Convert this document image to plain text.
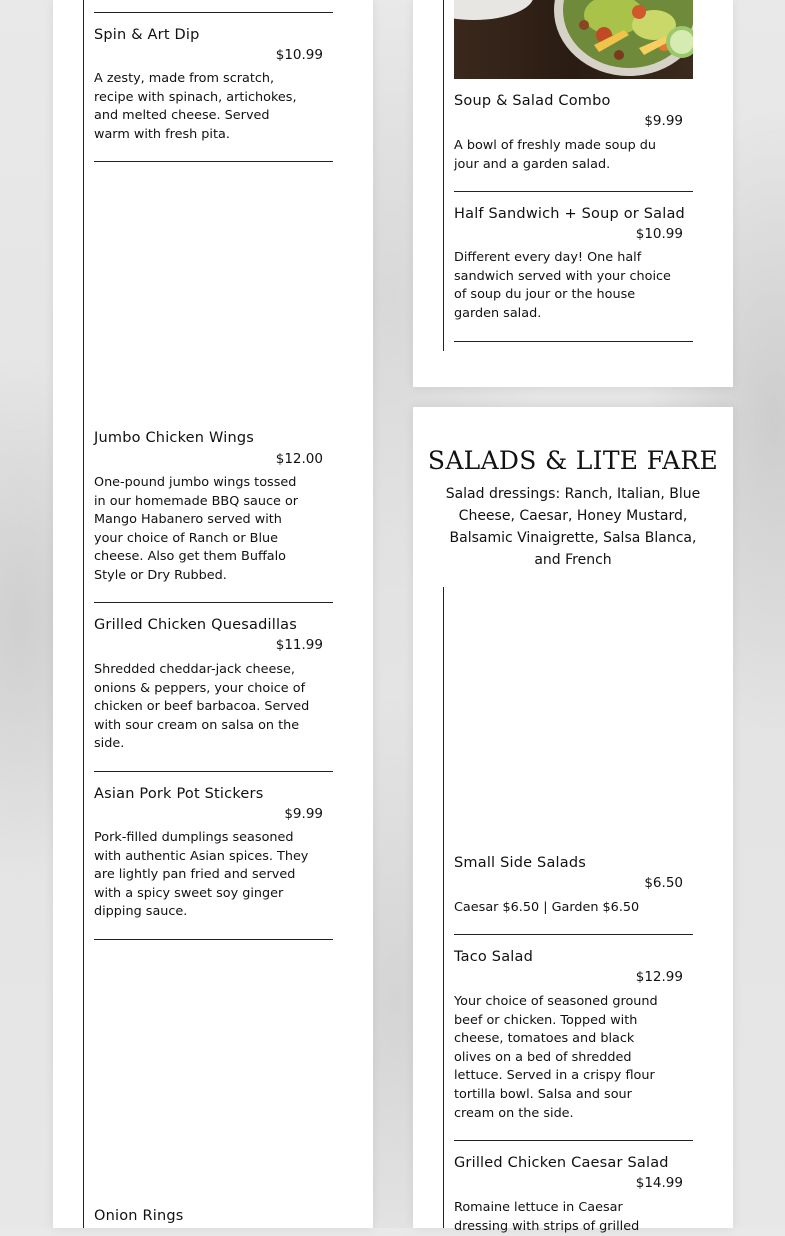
Spin & Art Dip
$10.99
A zesty, made from scratch, recipe with spinach, artichokes, and melted cheese. Served warm with fresh pita.
Jumbo Chicken Wings
$12.00
One-pound jumbo wings tossed in our homemade BBQ sauce or Mango Habanero served with your choice of Ranch or Blue cheese. Also get them Buffalo Style or Dry Rubbed.
Grilled Chicken Quesadillas
$11.99
Shredded cheddar-jack cheese, onions & peppers, your choice of chicken or beef barbacoa. Served with sour cream on salsa on the side.
Asian Pork Pot Stickers
$9.99
Pork-filled dumplings seasoned with authentic Asian spices. They are lightly pan fried and served with a spicy sweet soy ginger dipping sauce.
Onion Rings
Soup & Salad Combo
$9.99
A bowl of freshly made soup du jour and a garden salad.
Half Sandwich + Soup or Salad
$10.99
Different every day! One half sandwich served with your choice of soup du jour or the house garden salad.
SALADS & LITE FARE
Salad dressings: Ranch, Italian, Blue Cheese, Caesar, Honey Mustard, Balsamic Vinaigrette, Salsa Blanca, and French
Small Side Salads
$6.50
Caesar $6.50 | Garden $6.50
Taco Salad
$12.99
Your choice of seasoned ground beef or chicken. Topped with cheese, tomatoes and black olives on a bed of shredded lettuce. Served in a crispy flour tortilla bowl. Salsa and sour cream on the side.
Grilled Chicken Caesar Salad
$14.99
Romaine lettuce in Caesar dressing with strips of grilled
